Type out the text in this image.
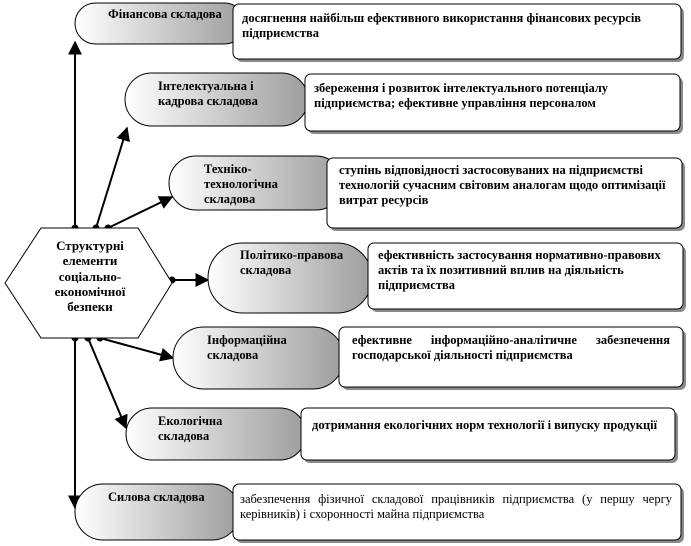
Структурні елементи соціально-економічної безпеки
Фінансова складова	досягнення найбільш ефективного використання фінансових ресурсів підприємства
Інтелектуальна і кадрова складова
збереження і розвиток інтелектуального потенціалу підприємства; ефективне управління персоналом
Техніко-технологічна складова
ступінь відповідності застосовуваних на підприємстві технологій сучасним світовим аналогам щодо оптимізації витрат ресурсів
Політико-правова складова
ефективність застосування нормативно-правових актів та їх позитивний вплив на діяльність підприємства
Інформаційна складова
ефективне інформаційно-аналітичне забезпечення господарської діяльності підприємства
Екологічна складова
дотримання екологічних норм технології і випуску продукції
Силова складова	забезпечення фізичної складової працівників підприємства (у першу чергу керівників) і схоронності майна підприємства
